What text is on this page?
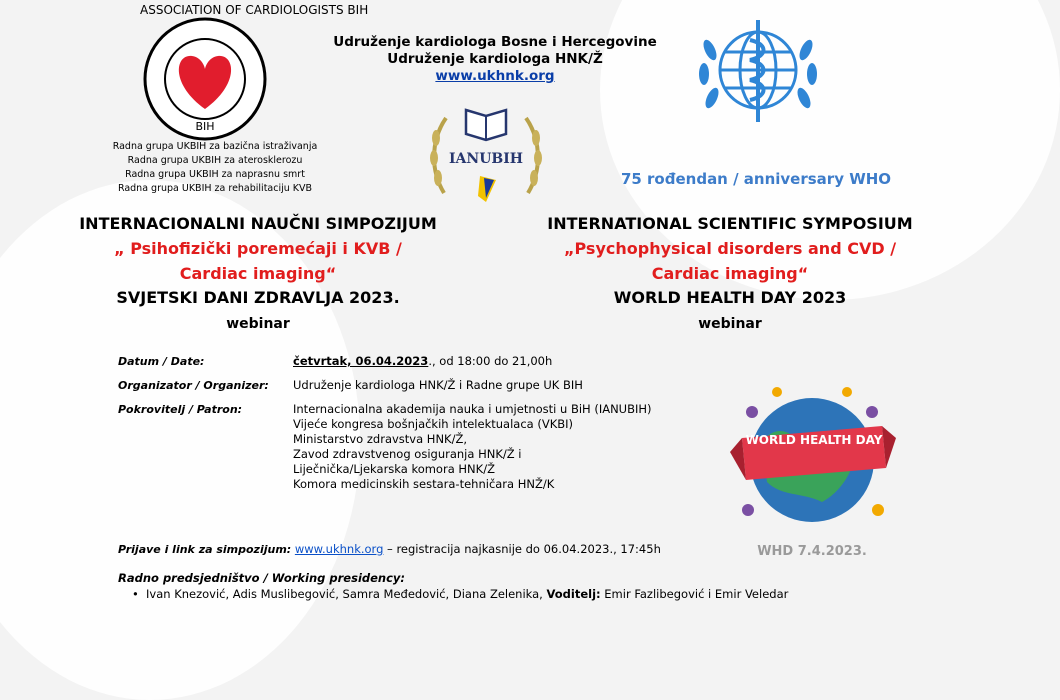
ASSOCIATION OF CARDIOLOGISTS BIH
BIH
Udruženje kardiologa Bosne i Hercegovine
Udruženje kardiologa HNK/Ž
www.ukhnk.org
IANUBIH
Radna grupa UKBIH za bazična istraživanja
Radna grupa UKBIH za aterosklerozu
Radna grupa UKBIH za naprasnu smrt
Radna grupa UKBIH za rehabilitaciju KVB
75 rođendan / anniversary WHO
INTERNACIONALNI NAUČNI SIMPOZIJUM
„ Psihofizički poremećaji i KVB /
Cardiac imaging“
SVJETSKI DANI ZDRAVLJA 2023.
webinar
INTERNATIONAL SCIENTIFIC SYMPOSIUM
„Psychophysical disorders and CVD /
Cardiac imaging“
WORLD HEALTH DAY 2023
webinar
Datum / Date:	četvrtak, 06.04.2023., od 18:00 do 21,00h
Organizator / Organizer:	Udruženje kardiologa HNK/Ž i Radne grupe UK BIH
Pokrovitelj / Patron:	Internacionalna akademija nauka i umjetnosti u BiH (IANUBIH)
Vijeće kongresa bošnjačkih intelektualaca (VKBI)
Ministarstvo zdravstva HNK/Ž,
Zavod zdravstvenog osiguranja HNK/Ž i
Liječnička/Ljekarska komora HNK/Ž
Komora medicinskih sestara-tehničara HNŽ/K
WORLD HEALTH DAY
Prijave i link za simpozijum: www.ukhnk.org – registracija najkasnije do 06.04.2023., 17:45h	WHD 7.4.2023.
Radno predsjedništvo / Working presidency:
• Ivan Knezović, Adis Muslibegović, Samra Međedović, Diana Zelenika, Voditelj: Emir Fazlibegović i Emir Veledar
